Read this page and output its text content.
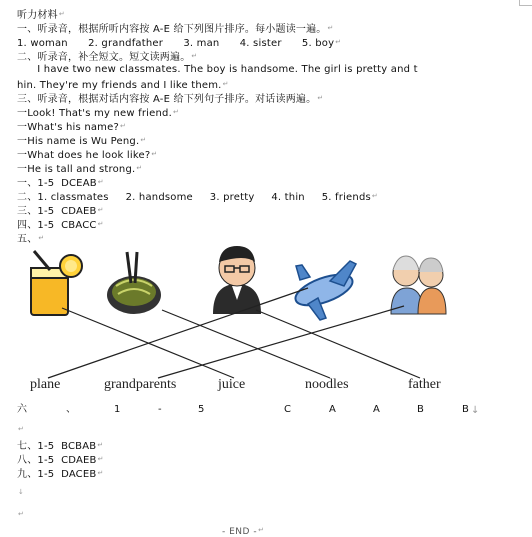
听力材料↵
一、听录音，根据所听内容按 A-E 给下列图片排序。每小题读一遍。↵
1. woman      2. grandfather      3. man      4. sister      5. boy↵
二、听录音，补全短文。短文读两遍。↵
I have two new classmates. The boy is handsome. The girl is pretty and t
hin. They're my friends and I like them.↵
三、听录音，根据对话内容按 A-E 给下列句子排序。对话读两遍。↵
一Look! That's my new friend.↵
一What's his name?↵
一His name is Wu Peng.↵
一What does he look like?↵
一He is tall and strong.↵
一、1-5  DCEAB↵
二、1. classmates     2. handsome     3. pretty     4. thin     5. friends↵
三、1-5  CDAEB↵
四、1-5  CBACC↵
五、↵
plane	grandparents	juice	noodles	father
六	、	1	-	5	C	A	A	B	B ↓
↵
七、1-5  BCBAB↵
八、1-5  CDAEB↵
九、1-5  DACEB↵
↓
↵
- END -↵
